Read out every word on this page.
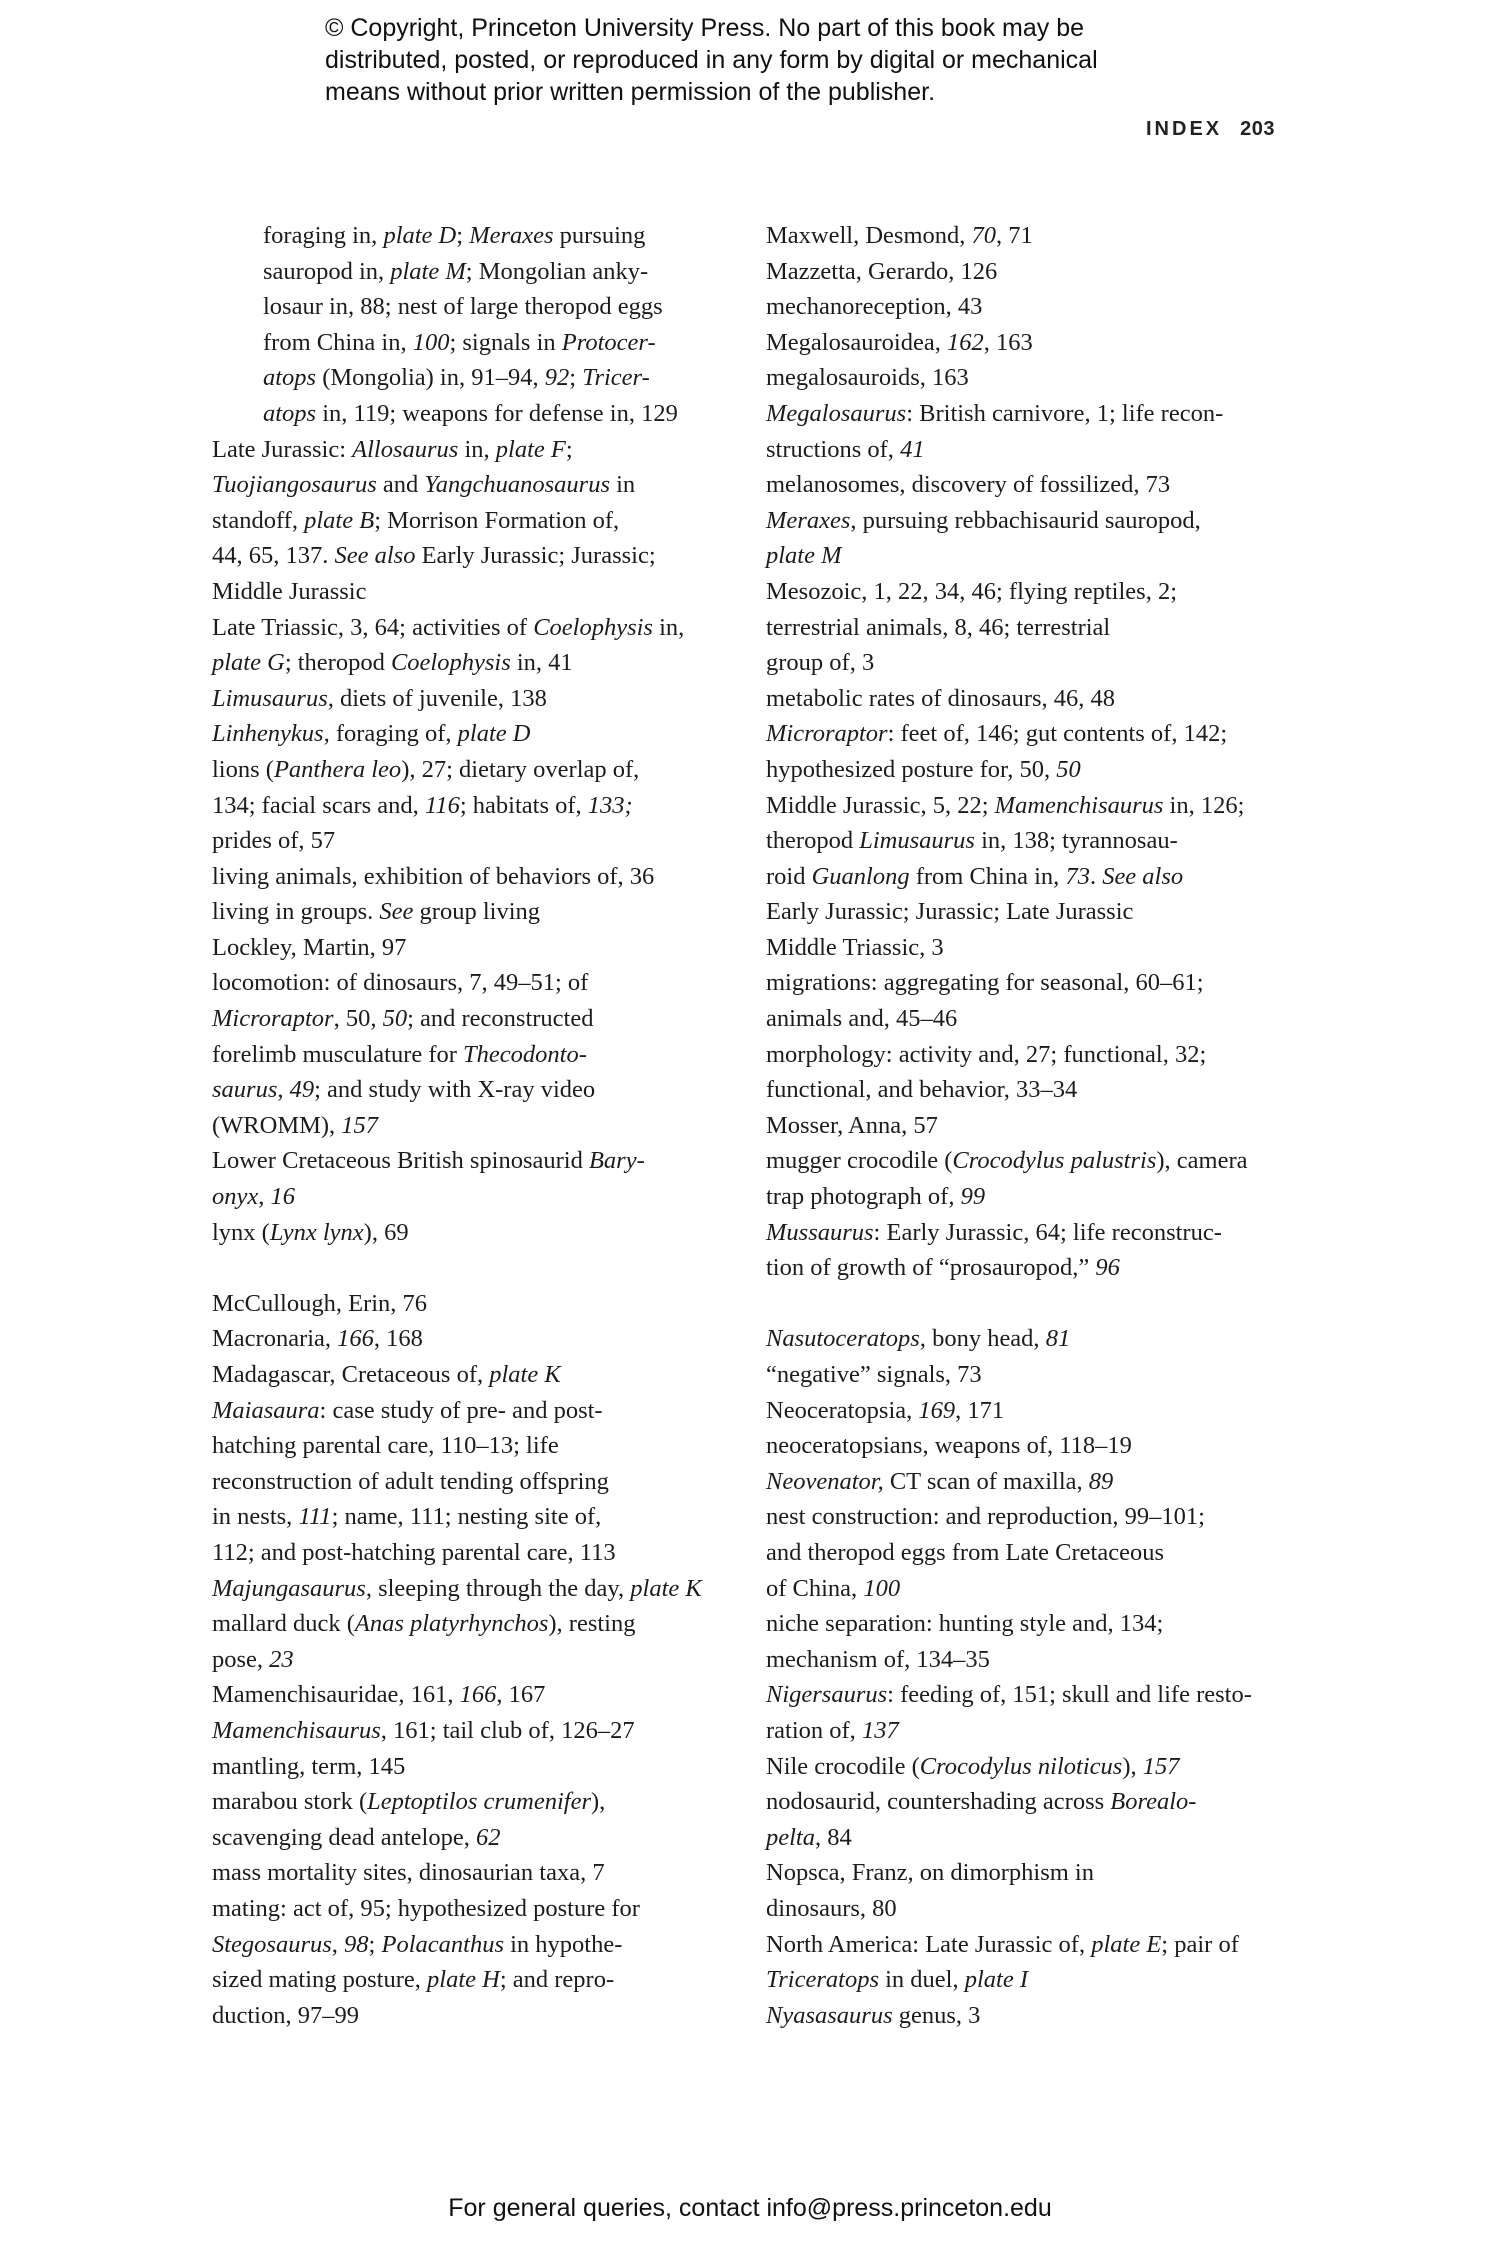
© Copyright, Princeton University Press. No part of this book may be
distributed, posted, or reproduced in any form by digital or mechanical
means without prior written permission of the publisher.
INDEX 203
foraging in, plate D; Meraxes pursuing
sauropod in, plate M; Mongolian anky-
losaur in, 88; nest of large theropod eggs
from China in, 100; signals in Protocer-
atops (Mongolia) in, 91–94, 92; Tricer-
atops in, 119; weapons for defense in, 129
Late Jurassic: Allosaurus in, plate F;
Tuojiangosaurus and Yangchuanosaurus in
standoff, plate B; Morrison Formation of,
44, 65, 137. See also Early Jurassic; Jurassic;
Middle Jurassic
Late Triassic, 3, 64; activities of Coelophysis in,
plate G; theropod Coelophysis in, 41
Limusaurus, diets of juvenile, 138
Linhenykus, foraging of, plate D
lions (Panthera leo), 27; dietary overlap of,
134; facial scars and, 116; habitats of, 133;
prides of, 57
living animals, exhibition of behaviors of, 36
living in groups. See group living
Lockley, Martin, 97
locomotion: of dinosaurs, 7, 49–51; of
Microraptor, 50, 50; and reconstructed
forelimb musculature for Thecodonto-
saurus, 49; and study with X-ray video
(WROMM), 157
Lower Cretaceous British spinosaurid Bary-
onyx, 16
lynx (Lynx lynx), 69
McCullough, Erin, 76
Macronaria, 166, 168
Madagascar, Cretaceous of, plate K
Maiasaura: case study of pre- and post-
hatching parental care, 110–13; life
reconstruction of adult tending offspring
in nests, 111; name, 111; nesting site of,
112; and post-hatching parental care, 113
Majungasaurus, sleeping through the day, plate K
mallard duck (Anas platyrhynchos), resting
pose, 23
Mamenchisauridae, 161, 166, 167
Mamenchisaurus, 161; tail club of, 126–27
mantling, term, 145
marabou stork (Leptoptilos crumenifer),
scavenging dead antelope, 62
mass mortality sites, dinosaurian taxa, 7
mating: act of, 95; hypothesized posture for
Stegosaurus, 98; Polacanthus in hypothe-
sized mating posture, plate H; and repro-
duction, 97–99
Maxwell, Desmond, 70, 71
Mazzetta, Gerardo, 126
mechanoreception, 43
Megalosauroidea, 162, 163
megalosauroids, 163
Megalosaurus: British carnivore, 1; life recon-
structions of, 41
melanosomes, discovery of fossilized, 73
Meraxes, pursuing rebbachisaurid sauropod,
plate M
Mesozoic, 1, 22, 34, 46; flying reptiles, 2;
terrestrial animals, 8, 46; terrestrial
group of, 3
metabolic rates of dinosaurs, 46, 48
Microraptor: feet of, 146; gut contents of, 142;
hypothesized posture for, 50, 50
Middle Jurassic, 5, 22; Mamenchisaurus in, 126;
theropod Limusaurus in, 138; tyrannosau-
roid Guanlong from China in, 73. See also
Early Jurassic; Jurassic; Late Jurassic
Middle Triassic, 3
migrations: aggregating for seasonal, 60–61;
animals and, 45–46
morphology: activity and, 27; functional, 32;
functional, and behavior, 33–34
Mosser, Anna, 57
mugger crocodile (Crocodylus palustris), camera
trap photograph of, 99
Mussaurus: Early Jurassic, 64; life reconstruc-
tion of growth of “prosauropod,” 96
Nasutoceratops, bony head, 81
“negative” signals, 73
Neoceratopsia, 169, 171
neoceratopsians, weapons of, 118–19
Neovenator, CT scan of maxilla, 89
nest construction: and reproduction, 99–101;
and theropod eggs from Late Cretaceous
of China, 100
niche separation: hunting style and, 134;
mechanism of, 134–35
Nigersaurus: feeding of, 151; skull and life resto-
ration of, 137
Nile crocodile (Crocodylus niloticus), 157
nodosaurid, countershading across Borealo-
pelta, 84
Nopsca, Franz, on dimorphism in
dinosaurs, 80
North America: Late Jurassic of, plate E; pair of
Triceratops in duel, plate I
Nyasasaurus genus, 3
For general queries, contact info@press.princeton.edu
